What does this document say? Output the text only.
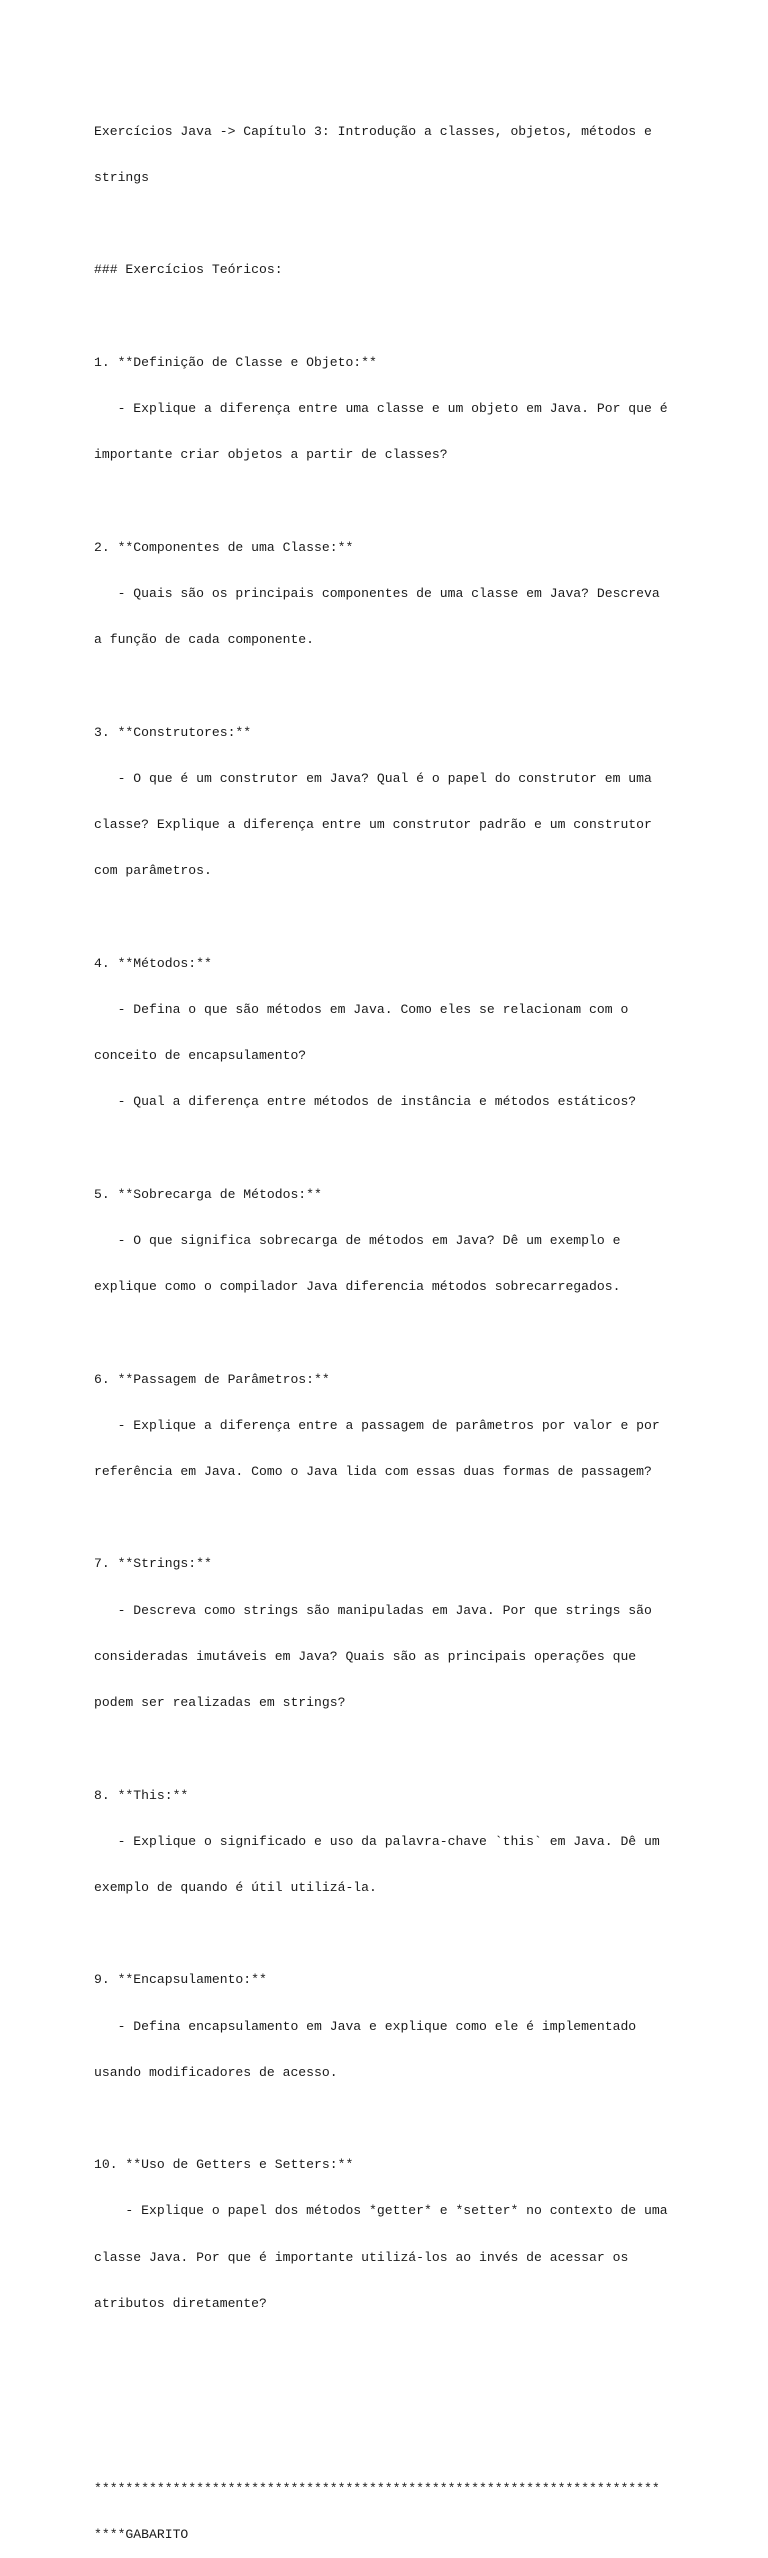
Exercícios Java -> Capítulo 3: Introdução a classes, objetos, métodos e

strings

### Exercícios Teóricos:

1. **Definição de Classe e Objeto:**

- Explique a diferença entre uma classe e um objeto em Java. Por que é

importante criar objetos a partir de classes?

2. **Componentes de uma Classe:**

- Quais são os principais componentes de uma classe em Java? Descreva

a função de cada componente.

3. **Construtores:**

- O que é um construtor em Java? Qual é o papel do construtor em uma

classe? Explique a diferença entre um construtor padrão e um construtor

com parâmetros.

4. **Métodos:**

- Defina o que são métodos em Java. Como eles se relacionam com o

conceito de encapsulamento?

- Qual a diferença entre métodos de instância e métodos estáticos?

5. **Sobrecarga de Métodos:**

- O que significa sobrecarga de métodos em Java? Dê um exemplo e

explique como o compilador Java diferencia métodos sobrecarregados.

6. **Passagem de Parâmetros:**

- Explique a diferença entre a passagem de parâmetros por valor e por

referência em Java. Como o Java lida com essas duas formas de passagem?

7. **Strings:**

- Descreva como strings são manipuladas em Java. Por que strings são

consideradas imutáveis em Java? Quais são as principais operações que

podem ser realizadas em strings?

8. **This:**

- Explique o significado e uso da palavra-chave `this` em Java. Dê um

exemplo de quando é útil utilizá-la.

9. **Encapsulamento:**

- Defina encapsulamento em Java e explique como ele é implementado

usando modificadores de acesso.

10. **Uso de Getters e Setters:**

- Explique o papel dos métodos *getter* e *setter* no contexto de uma

classe Java. Por que é importante utilizá-los ao invés de acessar os

atributos diretamente?

************************************************************************

****GABARITO
